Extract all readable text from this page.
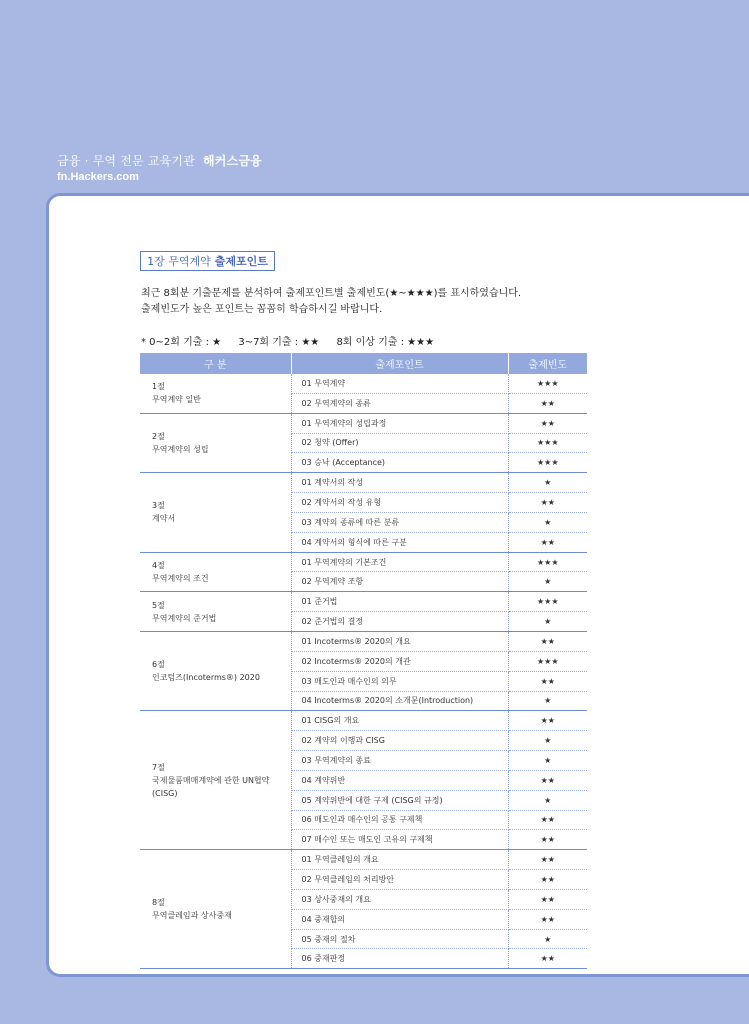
금융 · 무역 전문 교육기관 해커스금융
fn.Hackers.com
1장 무역계약 출제포인트
최근 8회분 기출문제를 분석하여 출제포인트별 출제빈도(★~★★★)를 표시하였습니다.
출제빈도가 높은 포인트는 꼼꼼히 학습하시길 바랍니다.
* 0~2회 기출 : ★ 3~7회 기출 : ★★ 8회 이상 기출 : ★★★
구 분	출제포인트	출제빈도

1절
무역계약 일반	01 무역계약	★★★
	02 무역계약의 종류	★★

2절
무역계약의 성립	01 무역계약의 성립과정	★★
	02 청약 (Offer)	★★★
	03 승낙 (Acceptance)	★★★

3절
계약서	01 계약서의 작성	★
	02 계약서의 작성 유형	★★
	03 계약의 종류에 따른 분류	★
	04 계약서의 형식에 따른 구분	★★

4절
무역계약의 조건	01 무역계약의 기본조건	★★★
	02 무역계약 조항	★

5절
무역계약의 준거법	01 준거법	★★★
	02 준거법의 결정	★

6절
인코텀즈(Incoterms®) 2020	01 Incoterms® 2020의 개요	★★
	02 Incoterms® 2020의 개관	★★★
	03 매도인과 매수인의 의무	★★
	04 Incoterms® 2020의 소개문(Introduction)	★

7절
국제물품매매계약에 관한 UN협약 (CISG)	01 CISG의 개요	★★
	02 계약의 이행과 CISG	★
	03 무역계약의 종료	★
	04 계약위반	★★
	05 계약위반에 대한 구제 (CISG의 규정)	★
	06 매도인과 매수인의 공통 구제책	★★
	07 매수인 또는 매도인 고유의 구제책	★★

8절
무역클레임과 상사중재	01 무역클레임의 개요	★★
	02 무역클레임의 처리방안	★★
	03 상사중재의 개요	★★
	04 중재합의	★★
	05 중재의 절차	★
	06 중재판정	★★
